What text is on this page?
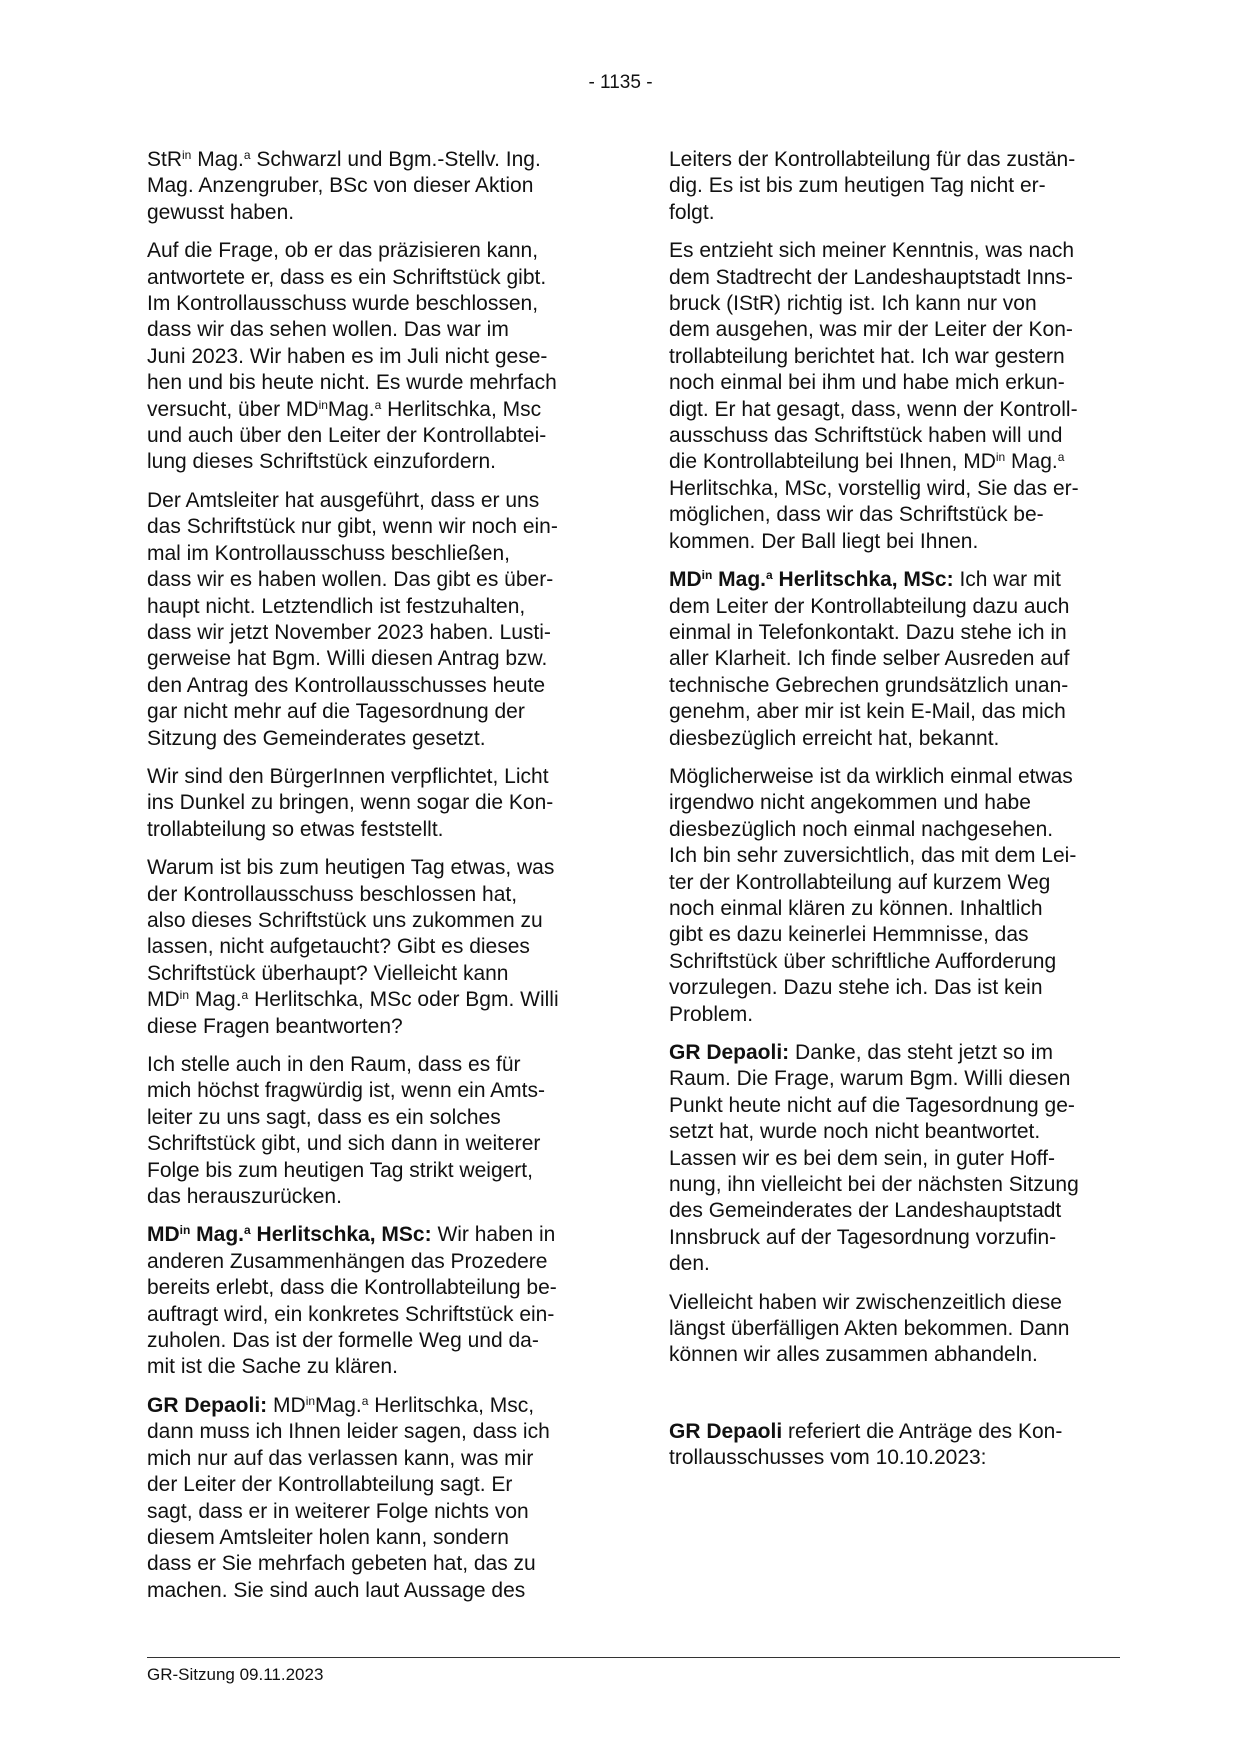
- 1135 -

StR$^{in}$ Mag.$^a$ Schwarzl und Bgm.-Stellv. Ing.
Mag. Anzengruber, BSc von dieser Aktion
gewusst haben.

Auf die Frage, ob er das präzisieren kann,
antwortete er, dass es ein Schriftstück gibt.
Im Kontrollausschuss wurde beschlossen,
dass wir das sehen wollen. Das war im
Juni 2023. Wir haben es im Juli nicht gese-
hen und bis heute nicht. Es wurde mehrfach
versucht, über $MD^{in}Mag.^a$ Herlitschka, Msc
und auch über den Leiter der Kontrollabtei-
lung dieses Schriftstück einzufordern.

Der Amtsleiter hat ausgeführt, dass er uns
das Schriftstück nur gibt, wenn wir noch ein-
mal im Kontrollausschuss beschließen,
dass wir es haben wollen. Das gibt es über-
haupt nicht. Letztendlich ist festzuhalten,
dass wir jetzt November 2023 haben. Lusti-
gerweise hat Bgm. Willi diesen Antrag bzw.
den Antrag des Kontrollausschusses heute
gar nicht mehr auf die Tagesordnung der
Sitzung des Gemeinderates gesetzt.

Wir sind den BürgerInnen verpflichtet, Licht
ins Dunkel zu bringen, wenn sogar die Kon-
trollabteilung so etwas feststellt.

Warum ist bis zum heutigen Tag etwas, was
der Kontrollausschuss beschlossen hat,
also dieses Schriftstück uns zukommen zu
lassen, nicht aufgetaucht? Gibt es dieses
Schriftstück überhaupt? Vielleicht kann
$MD^{in}$ Mag.$^a$ Herlitschka, MSc oder Bgm. Willi
diese Fragen beantworten?

Ich stelle auch in den Raum, dass es für
mich höchst fragwürdig ist, wenn ein Amts-
leiter zu uns sagt, dass es ein solches
Schriftstück gibt, und sich dann in weiterer
Folge bis zum heutigen Tag strikt weigert,
das herauszurücken.

$MD^{in}$ Mag.$^a$ Herlitschka, MSc: Wir haben in
anderen Zusammenhängen das Prozedere
bereits erlebt, dass die Kontrollabteilung be-
auftragt wird, ein konkretes Schriftstück ein-
zuholen. Das ist der formelle Weg und da-
mit ist die Sache zu klären.

GR Depaoli: $MD^{in}Mag.^a$ Herlitschka, Msc,
dann muss ich Ihnen leider sagen, dass ich
mich nur auf das verlassen kann, was mir
der Leiter der Kontrollabteilung sagt. Er
sagt, dass er in weiterer Folge nichts von
diesem Amtsleiter holen kann, sondern
dass er Sie mehrfach gebeten hat, das zu
machen. Sie sind auch laut Aussage des

Leiters der Kontrollabteilung für das zustän-
dig. Es ist bis zum heutigen Tag nicht er-
folgt.

Es entzieht sich meiner Kenntnis, was nach
dem Stadtrecht der Landeshauptstadt Inns-
bruck (IStR) richtig ist. Ich kann nur von
dem ausgehen, was mir der Leiter der Kon-
trollabteilung berichtet hat. Ich war gestern
noch einmal bei ihm und habe mich erkun-
digt. Er hat gesagt, dass, wenn der Kontroll-
ausschuss das Schriftstück haben will und
die Kontrollabteilung bei Ihnen, $MD^{in}$ Mag.$^a$
Herlitschka, MSc, vorstellig wird, Sie das er-
möglichen, dass wir das Schriftstück be-
kommen. Der Ball liegt bei Ihnen.

$MD^{in}$ Mag.$^a$ Herlitschka, MSc: Ich war mit
dem Leiter der Kontrollabteilung dazu auch
einmal in Telefonkontakt. Dazu stehe ich in
aller Klarheit. Ich finde selber Ausreden auf
technische Gebrechen grundsätzlich unan-
genehm, aber mir ist kein E-Mail, das mich
diesbezüglich erreicht hat, bekannt.

Möglicherweise ist da wirklich einmal etwas
irgendwo nicht angekommen und habe
diesbezüglich noch einmal nachgesehen.
Ich bin sehr zuversichtlich, das mit dem Lei-
ter der Kontrollabteilung auf kurzem Weg
noch einmal klären zu können. Inhaltlich
gibt es dazu keinerlei Hemmnisse, das
Schriftstück über schriftliche Aufforderung
vorzulegen. Dazu stehe ich. Das ist kein
Problem.

GR Depaoli: Danke, das steht jetzt so im
Raum. Die Frage, warum Bgm. Willi diesen
Punkt heute nicht auf die Tagesordnung ge-
setzt hat, wurde noch nicht beantwortet.
Lassen wir es bei dem sein, in guter Hoff-
nung, ihn vielleicht bei der nächsten Sitzung
des Gemeinderates der Landeshauptstadt
Innsbruck auf der Tagesordnung vorzufin-
den.

Vielleicht haben wir zwischenzeitlich diese
längst überfälligen Akten bekommen. Dann
können wir alles zusammen abhandeln.

GR Depaoli referiert die Anträge des Kon-
trollausschusses vom 10.10.2023:

GR-Sitzung 09.11.2023
